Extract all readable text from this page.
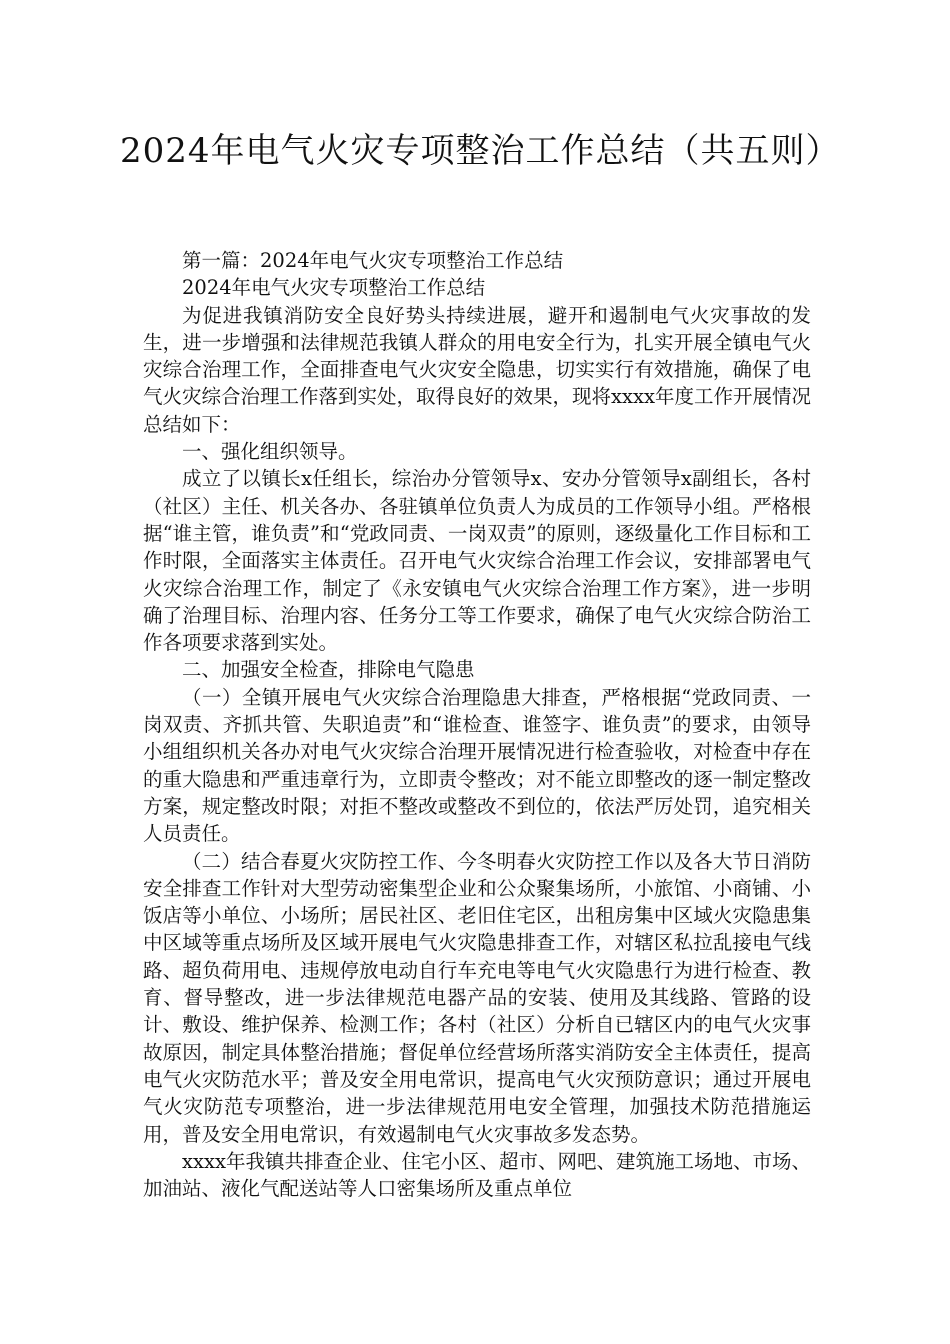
2024年电气火灾专项整治工作总结（共五则）

第一篇：2024年电气火灾专项整治工作总结

2024年电气火灾专项整治工作总结

为促进我镇消防安全良好势头持续进展，避开和遏制电气火灾事故的发生，进一步增强和法律规范我镇人群众的用电安全行为，扎实开展全镇电气火灾综合治理工作，全面排查电气火灾安全隐患，切实实行有效措施，确保了电气火灾综合治理工作落到实处，取得良好的效果，现将xxxx年度工作开展情况总结如下：

一、强化组织领导。

成立了以镇长x任组长，综治办分管领导x、安办分管领导x副组长，各村（社区）主任、机关各办、各驻镇单位负责人为成员的工作领导小组。严格根据“谁主管，谁负责”和“党政同责、一岗双责”的原则，逐级量化工作目标和工作时限，全面落实主体责任。召开电气火灾综合治理工作会议，安排部署电气火灾综合治理工作，制定了《永安镇电气火灾综合治理工作方案》，进一步明确了治理目标、治理内容、任务分工等工作要求，确保了电气火灾综合防治工作各项要求落到实处。

二、加强安全检查，排除电气隐患

（一）全镇开展电气火灾综合治理隐患大排查，严格根据“党政同责、一岗双责、齐抓共管、失职追责”和“谁检查、谁签字、谁负责”的要求，由领导小组组织机关各办对电气火灾综合治理开展情况进行检查验收，对检查中存在的重大隐患和严重违章行为，立即责令整改；对不能立即整改的逐一制定整改方案，规定整改时限；对拒不整改或整改不到位的，依法严厉处罚，追究相关人员责任。

（二）结合春夏火灾防控工作、今冬明春火灾防控工作以及各大节日消防安全排查工作针对大型劳动密集型企业和公众聚集场所，小旅馆、小商铺、小饭店等小单位、小场所；居民社区、老旧住宅区，出租房集中区域火灾隐患集中区域等重点场所及区域开展电气火灾隐患排查工作，对辖区私拉乱接电气线路、超负荷用电、违规停放电动自行车充电等电气火灾隐患行为进行检查、教育、督导整改，进一步法律规范电器产品的安装、使用及其线路、管路的设计、敷设、维护保养、检测工作；各村（社区）分析自已辖区内的电气火灾事故原因，制定具体整治措施；督促单位经营场所落实消防安全主体责任，提高电气火灾防范水平；普及安全用电常识，提高电气火灾预防意识；通过开展电气火灾防范专项整治，进一步法律规范用电安全管理，加强技术防范措施运用，普及安全用电常识，有效遏制电气火灾事故多发态势。

xxxx年我镇共排查企业、住宅小区、超市、网吧、建筑施工场地、市场、加油站、液化气配送站等人口密集场所及重点单位
